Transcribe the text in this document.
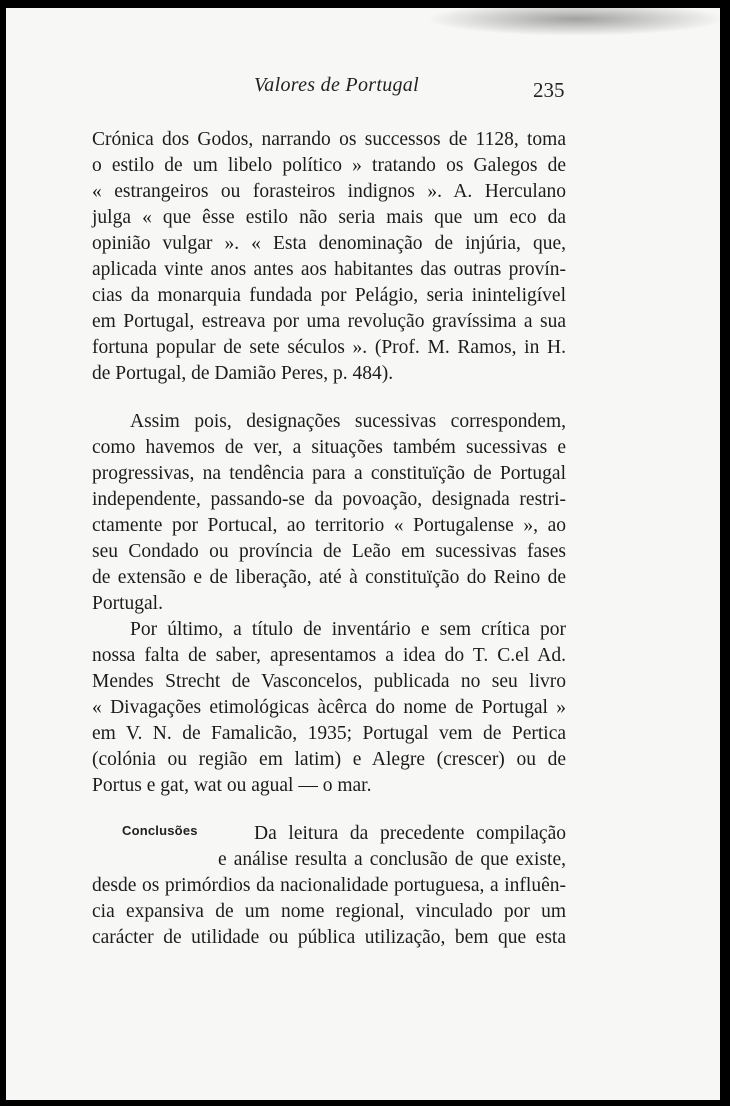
Valores de Portugal	235
Crónica dos Godos, narrando os successos de 1128, toma
o estilo de um libelo político » tratando os Galegos de
« estrangeiros ou forasteiros indignos ». A. Herculano
julga « que êsse estilo não seria mais que um eco da
opinião vulgar ». « Esta denominação de injúria, que,
aplicada vinte anos antes aos habitantes das outras provín-
cias da monarquia fundada por Pelágio, seria ininteligível
em Portugal, estreava por uma revolução gravíssima a sua
fortuna popular de sete séculos ». (Prof. M. Ramos, in H.
de Portugal, de Damião Peres, p. 484).
Assim pois, designações sucessivas correspondem,
como havemos de ver, a situações também sucessivas e
progressivas, na tendência para a constituïção de Portugal
independente, passando-se da povoação, designada restri-
ctamente por Portucal, ao territorio « Portugalense », ao
seu Condado ou província de Leão em sucessivas fases
de extensão e de liberação, até à constituïção do Reino de
Portugal.
Por último, a título de inventário e sem crítica por
nossa falta de saber, apresentamos a idea do T. C.el Ad.
Mendes Strecht de Vasconcelos, publicada no seu livro
« Divagações etimológicas àcêrca do nome de Portugal »
em V. N. de Famalicão, 1935; Portugal vem de Pertica
(colónia ou região em latim) e Alegre (crescer) ou de
Portus e gat, wat ou agual — o mar.
Conclusões	Da leitura da precedente compilação
e análise resulta a conclusão de que existe,
desde os primórdios da nacionalidade portuguesa, a influên-
cia expansiva de um nome regional, vinculado por um
carácter de utilidade ou pública utilização, bem que esta
